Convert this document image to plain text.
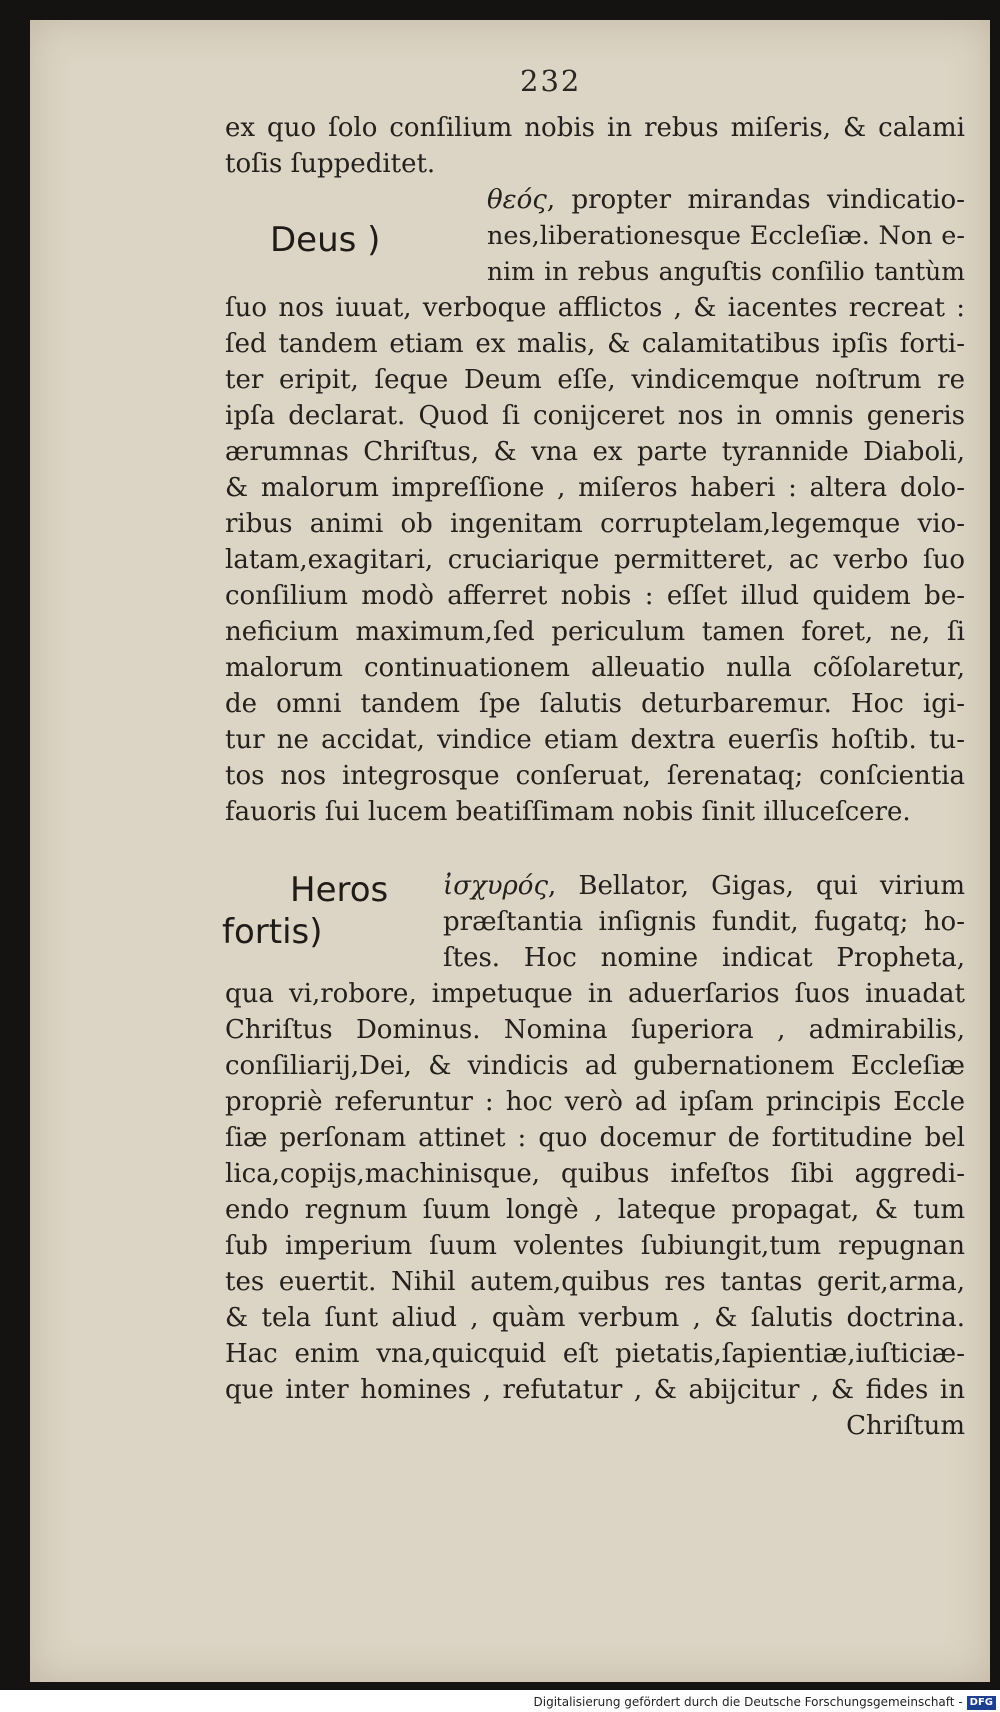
232
ex quo ſolo conſilium nobis in rebus miſeris, & calami
toſis ſuppeditet.
Deus )
θεός, propter mirandas vindicatio-
nes,liberationesque Eccleſiæ. Non e-
nim in rebus anguſtis conſilio tantùm
ſuo nos iuuat, verboque afflictos , & iacentes recreat :
ſed tandem etiam ex malis, & calamitatibus ipſis forti-
ter eripit, ſeque Deum eſſe, vindicemque noſtrum re
ipſa declarat. Quod ſi conijceret nos in omnis generis
ærumnas Chriſtus, & vna ex parte tyrannide Diaboli,
& malorum impreſſione , miſeros haberi : altera dolo-
ribus animi ob ingenitam corruptelam,legemque vio-
latam,exagitari, cruciarique permitteret, ac verbo ſuo
conſilium modò afferret nobis : eſſet illud quidem be-
neficium maximum,ſed periculum tamen foret, ne, ſi
malorum continuationem alleuatio nulla cõſolaretur,
de omni tandem ſpe ſalutis deturbaremur. Hoc igi-
tur ne accidat, vindice etiam dextra euerſis hoſtib. tu-
tos nos integrosque conſeruat, ſerenataq; conſcientia
fauoris ſui lucem beatiſſimam nobis ſinit illuceſcere.
Heros
fortis)
ἰσχυρός, Bellator, Gigas, qui virium
præſtantia inſignis fundit, fugatq; ho-
ſtes. Hoc nomine indicat Propheta,
qua vi,robore, impetuque in aduerſarios ſuos inuadat
Chriſtus Dominus. Nomina ſuperiora , admirabilis,
conſiliarij,Dei, & vindicis ad gubernationem Eccleſiæ
propriè referuntur : hoc verò ad ipſam principis Eccle
ſiæ perſonam attinet : quo docemur de fortitudine bel
lica,copijs,machinisque, quibus infeſtos ſibi aggredi-
endo regnum ſuum longè , lateque propagat, & tum
ſub imperium ſuum volentes ſubiungit,tum repugnan
tes euertit. Nihil autem,quibus res tantas gerit,arma,
& tela ſunt aliud , quàm verbum , & ſalutis doctrina.
Hac enim vna,quicquid eſt pietatis,ſapientiæ,iuſticiæ-
que inter homines , refutatur , & abijcitur , & fides in
Chriſtum
Digitalisierung gefördert durch die Deutsche Forschungsgemeinschaft - DFG
